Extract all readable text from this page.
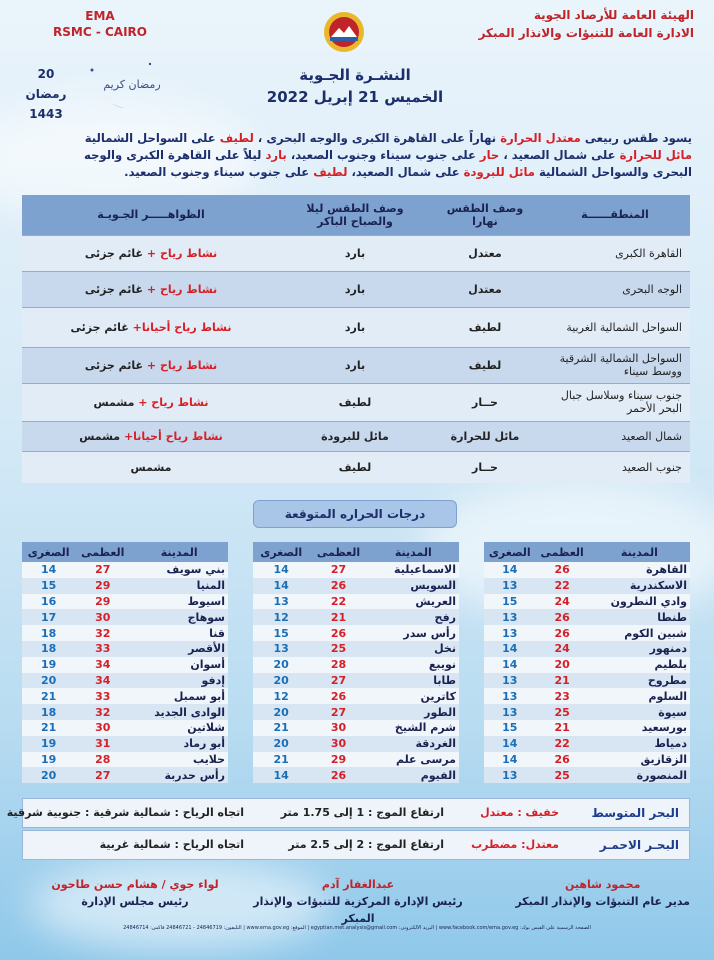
EMA
RSMC - CAIRO
20
رمضان
1443
رمضان كريم
الهيئة العامة للأرصاد الجوية
الادارة العامة للتنبؤات والانذار المبكر
النشـرة الجـوية
الخميس 21 إبريل 2022
يسود طقس ربيعى معتدل الحرارة نهاراً على القاهرة الكبرى والوجه البحرى ، لطيف على السواحل الشمالية مائل للحرارة على شمال الصعيد ، حار على جنوب سيناء وجنوب الصعيد، بارد ليلاً على القاهرة الكبرى والوجه البحرى والسواحل الشمالية مائل للبرودة على شمال الصعيد، لطيف على جنوب سيناء وجنوب الصعيد.
المنطقــــــة	وصف الطقس نهارا	وصف الطقس ليلا والصباح الباكر	الظواهـــــر الجـويـة
القاهرة الكبرى	معتدل	بارد	نشاط رياح + غائم جزئى
الوجه البحرى	معتدل	بارد	نشاط رياح + غائم جزئى
السواحل الشمالية الغربية	لطيف	بارد	نشاط رياح أحيانا+ غائم جزئى
السواحل الشمالية الشرقية ووسط سيناء	لطيف	بارد	نشاط رياح + غائم جزئى
جنوب سيناء وسلاسل جبال البحر الأحمر	حــار	لطيف	نشاط رياح + مشمس
شمال الصعيد	مائل للحرارة	مائل للبرودة	نشاط رياح أحيانا+ مشمس
جنوب الصعيد	حــار	لطيف	مشمس
درجات الحراره المتوقعة
المدينة	العظمى	الصغرى
القاهرة	26	14
الاسكندرية	22	13
وادي النطرون	24	15
طنطا	26	13
شبين الكوم	26	13
دمنهور	24	14
بلطيم	20	14
مطروح	21	13
السلوم	23	13
سيوة	25	13
بورسعيد	21	15
دمياط	22	14
الزقازيق	26	14
المنصورة	25	13
المدينة	العظمى	الصغرى
الاسماعيلية	27	14
السويس	26	14
العريش	22	13
رفح	21	12
رأس سدر	26	15
نخل	25	13
نويبع	28	20
طابا	27	20
كاترين	26	12
الطور	27	20
شرم الشيخ	30	21
الغردقة	30	20
مرسى علم	29	21
الفيوم	26	14
المدينة	العظمى	الصغرى
بني سويف	27	14
المنيا	29	15
اسيوط	29	16
سوهاج	30	17
قنا	32	18
الأقصر	33	18
أسوان	34	19
إدفو	34	20
أبو سمبل	33	21
الوادى الجديد	32	18
شلاتين	30	21
أبو رماد	31	19
حلايب	28	19
رأس حدربة	27	20
البحر المتوسط
خفيف : معتدل
ارتفاع الموج : 1 إلى 1.75 متر
اتجاه الرياح : شمالية شرقية : جنوبية شرقية
البحـر الاحمـر
معتدل: مضطرب
ارتفاع الموج : 2 إلى 2.5 متر
اتجاه الرياح : شمالية غربية
محمود شاهين
مدير عام التنبؤات والإنذار المبكر
عبدالغفار آدم
رئيس الإدارة المركزية للتنبؤات والإنذار المبكر
لواء جوي / هشام حسن طاحون
رئيس مجلس الإدارة
الصفحة الرسمية على الفيس بوك: www.facebook.com/ema.gov.eg | البريد الالكترونى: egyptian.met.analysis@gmail.com | الموقع: www.ema.gov.eg | التليفون: 24846719 - 24846721 فاكس: 24846714
